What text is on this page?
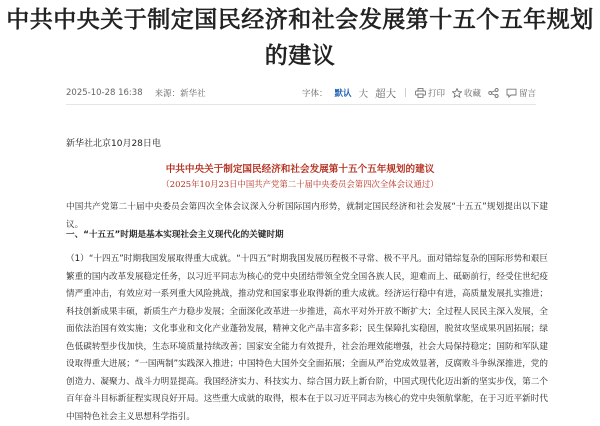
中共中央关于制定国民经济和社会发展第十五个五年规划
的建议
2025-10-28 16:38 来源：新华社	字体： 默认 大 超大 | 打印 收藏	留言
新华社北京10月28日电
中共中央关于制定国民经济和社会发展第十五个五年规划的建议
（2025年10月23日中国共产党第二十届中央委员会第四次全体会议通过）
中国共产党第二十届中央委员会第四次全体会议深入分析国际国内形势，就制定国民经济和社会发展“十五五”规划提出以下建议。
一、“十五五”时期是基本实现社会主义现代化的关键时期
（1）“十四五”时期我国发展取得重大成就。“十四五”时期我国发展历程极不寻常、极不平凡。面对错综复杂的国际形势和艰巨繁重的国内改革发展稳定任务，以习近平同志为核心的党中央团结带领全党全国各族人民，迎难而上、砥砺前行，经受住世纪疫情严重冲击，有效应对一系列重大风险挑战，推动党和国家事业取得新的重大成就。经济运行稳中有进，高质量发展扎实推进；科技创新成果丰硕，新质生产力稳步发展；全面深化改革进一步推进，高水平对外开放不断扩大；全过程人民民主深入发展，全面依法治国有效实施；文化事业和文化产业蓬勃发展，精神文化产品丰富多彩；民生保障扎实稳固，脱贫攻坚成果巩固拓展；绿色低碳转型步伐加快，生态环境质量持续改善；国家安全能力有效提升，社会治理效能增强，社会大局保持稳定；国防和军队建设取得重大进展；“一国两制”实践深入推进；中国特色大国外交全面拓展；全面从严治党成效显著，反腐败斗争纵深推进，党的创造力、凝聚力、战斗力明显提高。我国经济实力、科技实力、综合国力跃上新台阶，中国式现代化迈出新的坚实步伐，第二个百年奋斗目标新征程实现良好开局。这些重大成就的取得，根本在于以习近平同志为核心的党中央领航掌舵，在于习近平新时代中国特色社会主义思想科学指引。
